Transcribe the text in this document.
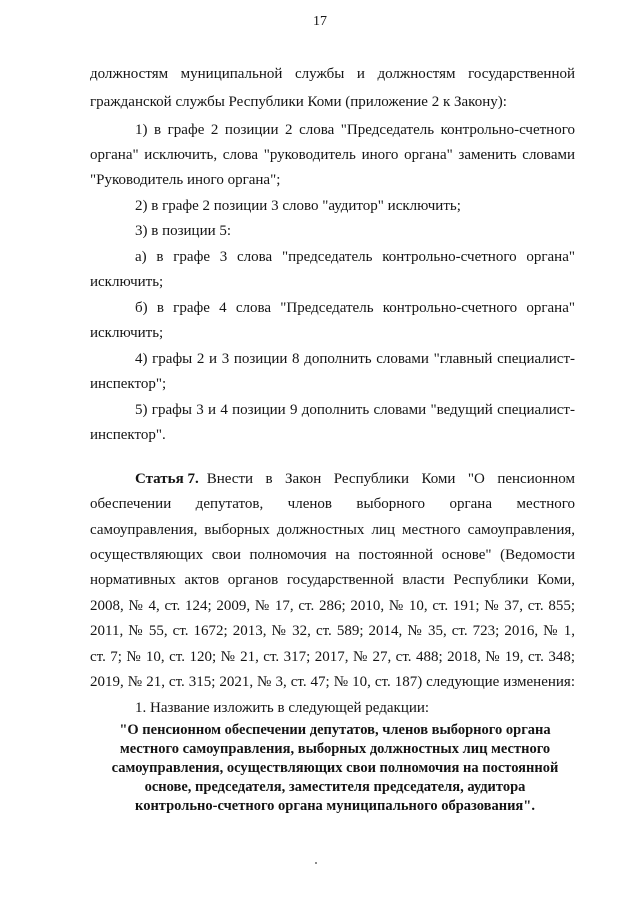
17
должностям муниципальной службы и должностям государственной
гражданской службы Республики Коми (приложение 2 к Закону):
1) в графе 2 позиции 2 слова "Председатель контрольно-счетного
органа" исключить, слова "руководитель иного органа" заменить словами
"Руководитель иного органа";
2) в графе 2 позиции 3 слово "аудитор" исключить;
3) в позиции 5:
а) в графе 3 слова "председатель контрольно-счетного органа"
исключить;
б) в графе 4 слова "Председатель контрольно-счетного органа"
исключить;
4) графы 2 и 3 позиции 8 дополнить словами "главный специалист-
инспектор";
5) графы 3 и 4 позиции 9 дополнить словами "ведущий специалист-
инспектор".
Статья 7. Внести в Закон Республики Коми "О пенсионном
обеспечении депутатов, членов выборного органа местного
самоуправления, выборных должностных лиц местного самоуправления,
осуществляющих свои полномочия на постоянной основе" (Ведомости
нормативных актов органов государственной власти Республики Коми,
2008, № 4, ст. 124; 2009, № 17, ст. 286; 2010, № 10, ст. 191; № 37, ст. 855;
2011, № 55, ст. 1672; 2013, № 32, ст. 589; 2014, № 35, ст. 723; 2016, № 1,
ст. 7; № 10, ст. 120; № 21, ст. 317; 2017, № 27, ст. 488; 2018, № 19, ст. 348;
2019, № 21, ст. 315; 2021, № 3, ст. 47; № 10, ст. 187) следующие изменения:
1. Название изложить в следующей редакции:
"О пенсионном обеспечении депутатов, членов выборного органа
местного самоуправления, выборных должностных лиц местного
самоуправления, осуществляющих свои полномочия на постоянной
основе, председателя, заместителя председателя, аудитора
контрольно-счетного органа муниципального образования".
